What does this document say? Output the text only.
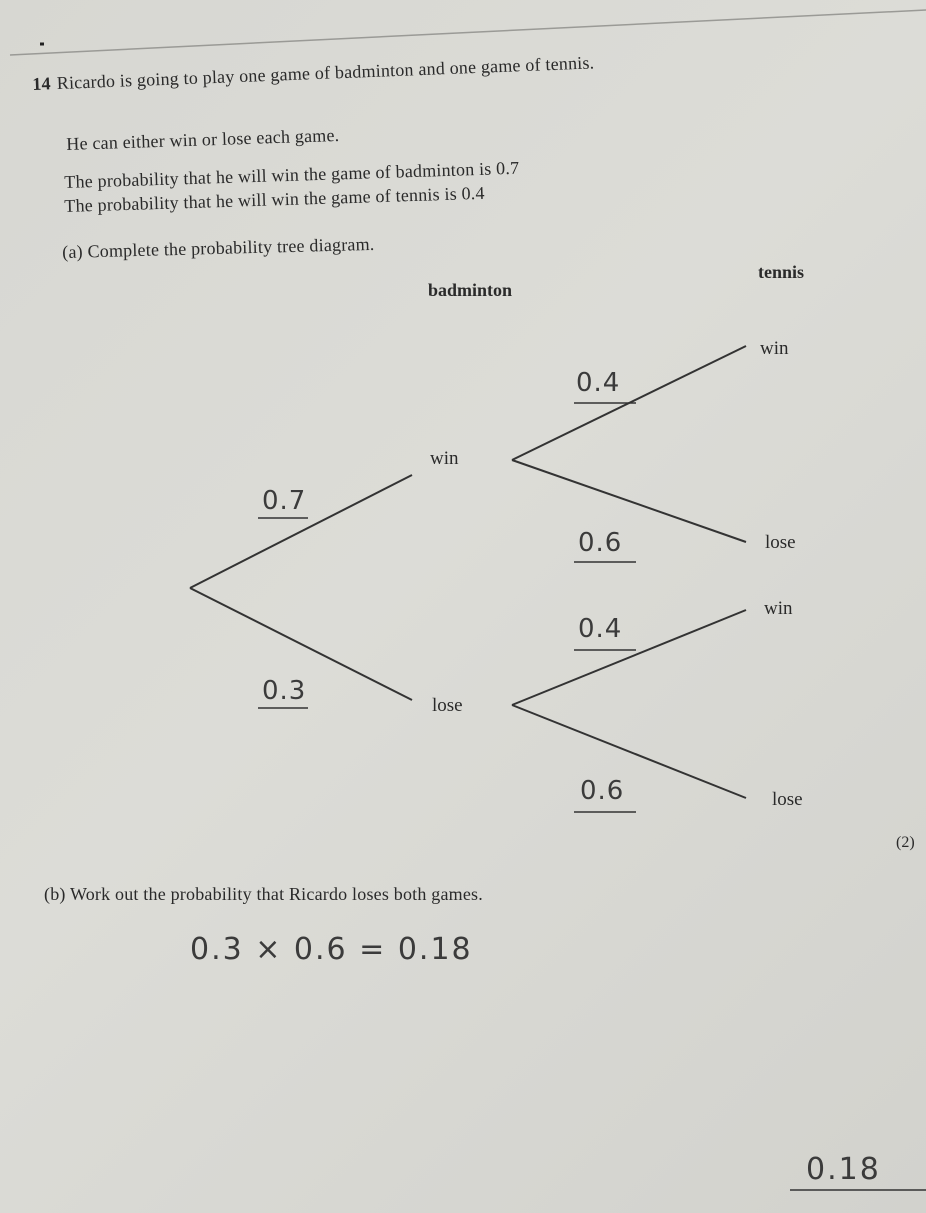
14 Ricardo is going to play one game of badminton and one game of tennis.
He can either win or lose each game.
The probability that he will win the game of badminton is 0.7
The probability that he will win the game of tennis is 0.4
(a) Complete the probability tree diagram.
tennis
badminton
win
lose
win
lose
win
lose
0.7
0.3
0.4
0.6
0.4
0.6
(2)
(b) Work out the probability that Ricardo loses both games.
0.3 × 0.6 = 0.18
0.18
